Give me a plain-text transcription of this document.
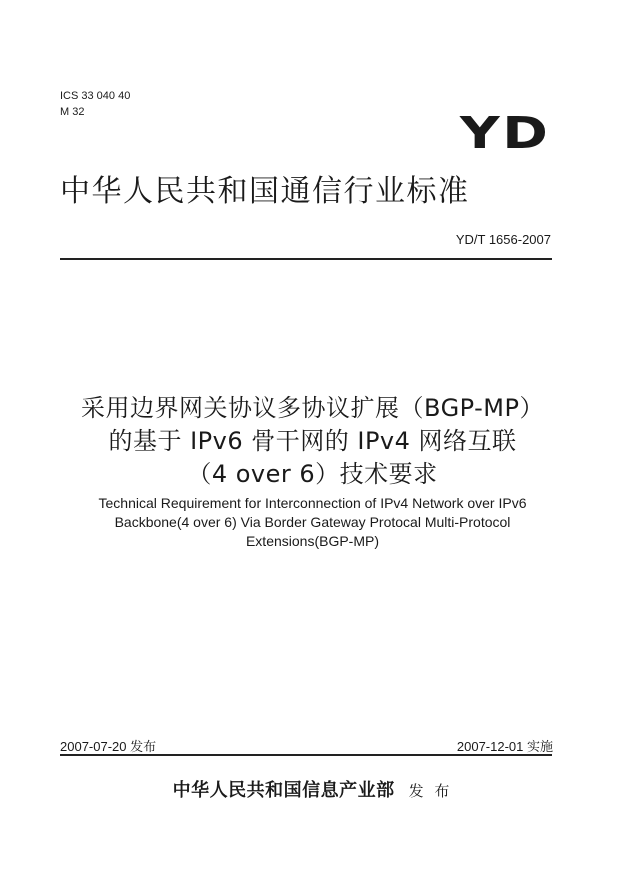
ICS 33 040 40
M 32	YD
中华人民共和国通信行业标准
YD/T 1656-2007
采用边界网关协议多协议扩展（BGP-MP）
的基于 IPv6 骨干网的 IPv4 网络互联
（4 over 6）技术要求
Technical Requirement for Interconnection of IPv4 Network over IPv6
Backbone(4 over 6) Via Border Gateway Protocal Multi-Protocol
Extensions(BGP-MP)
2007-07-20 发布	2007-12-01 实施
中华人民共和国信息产业部 发 布
